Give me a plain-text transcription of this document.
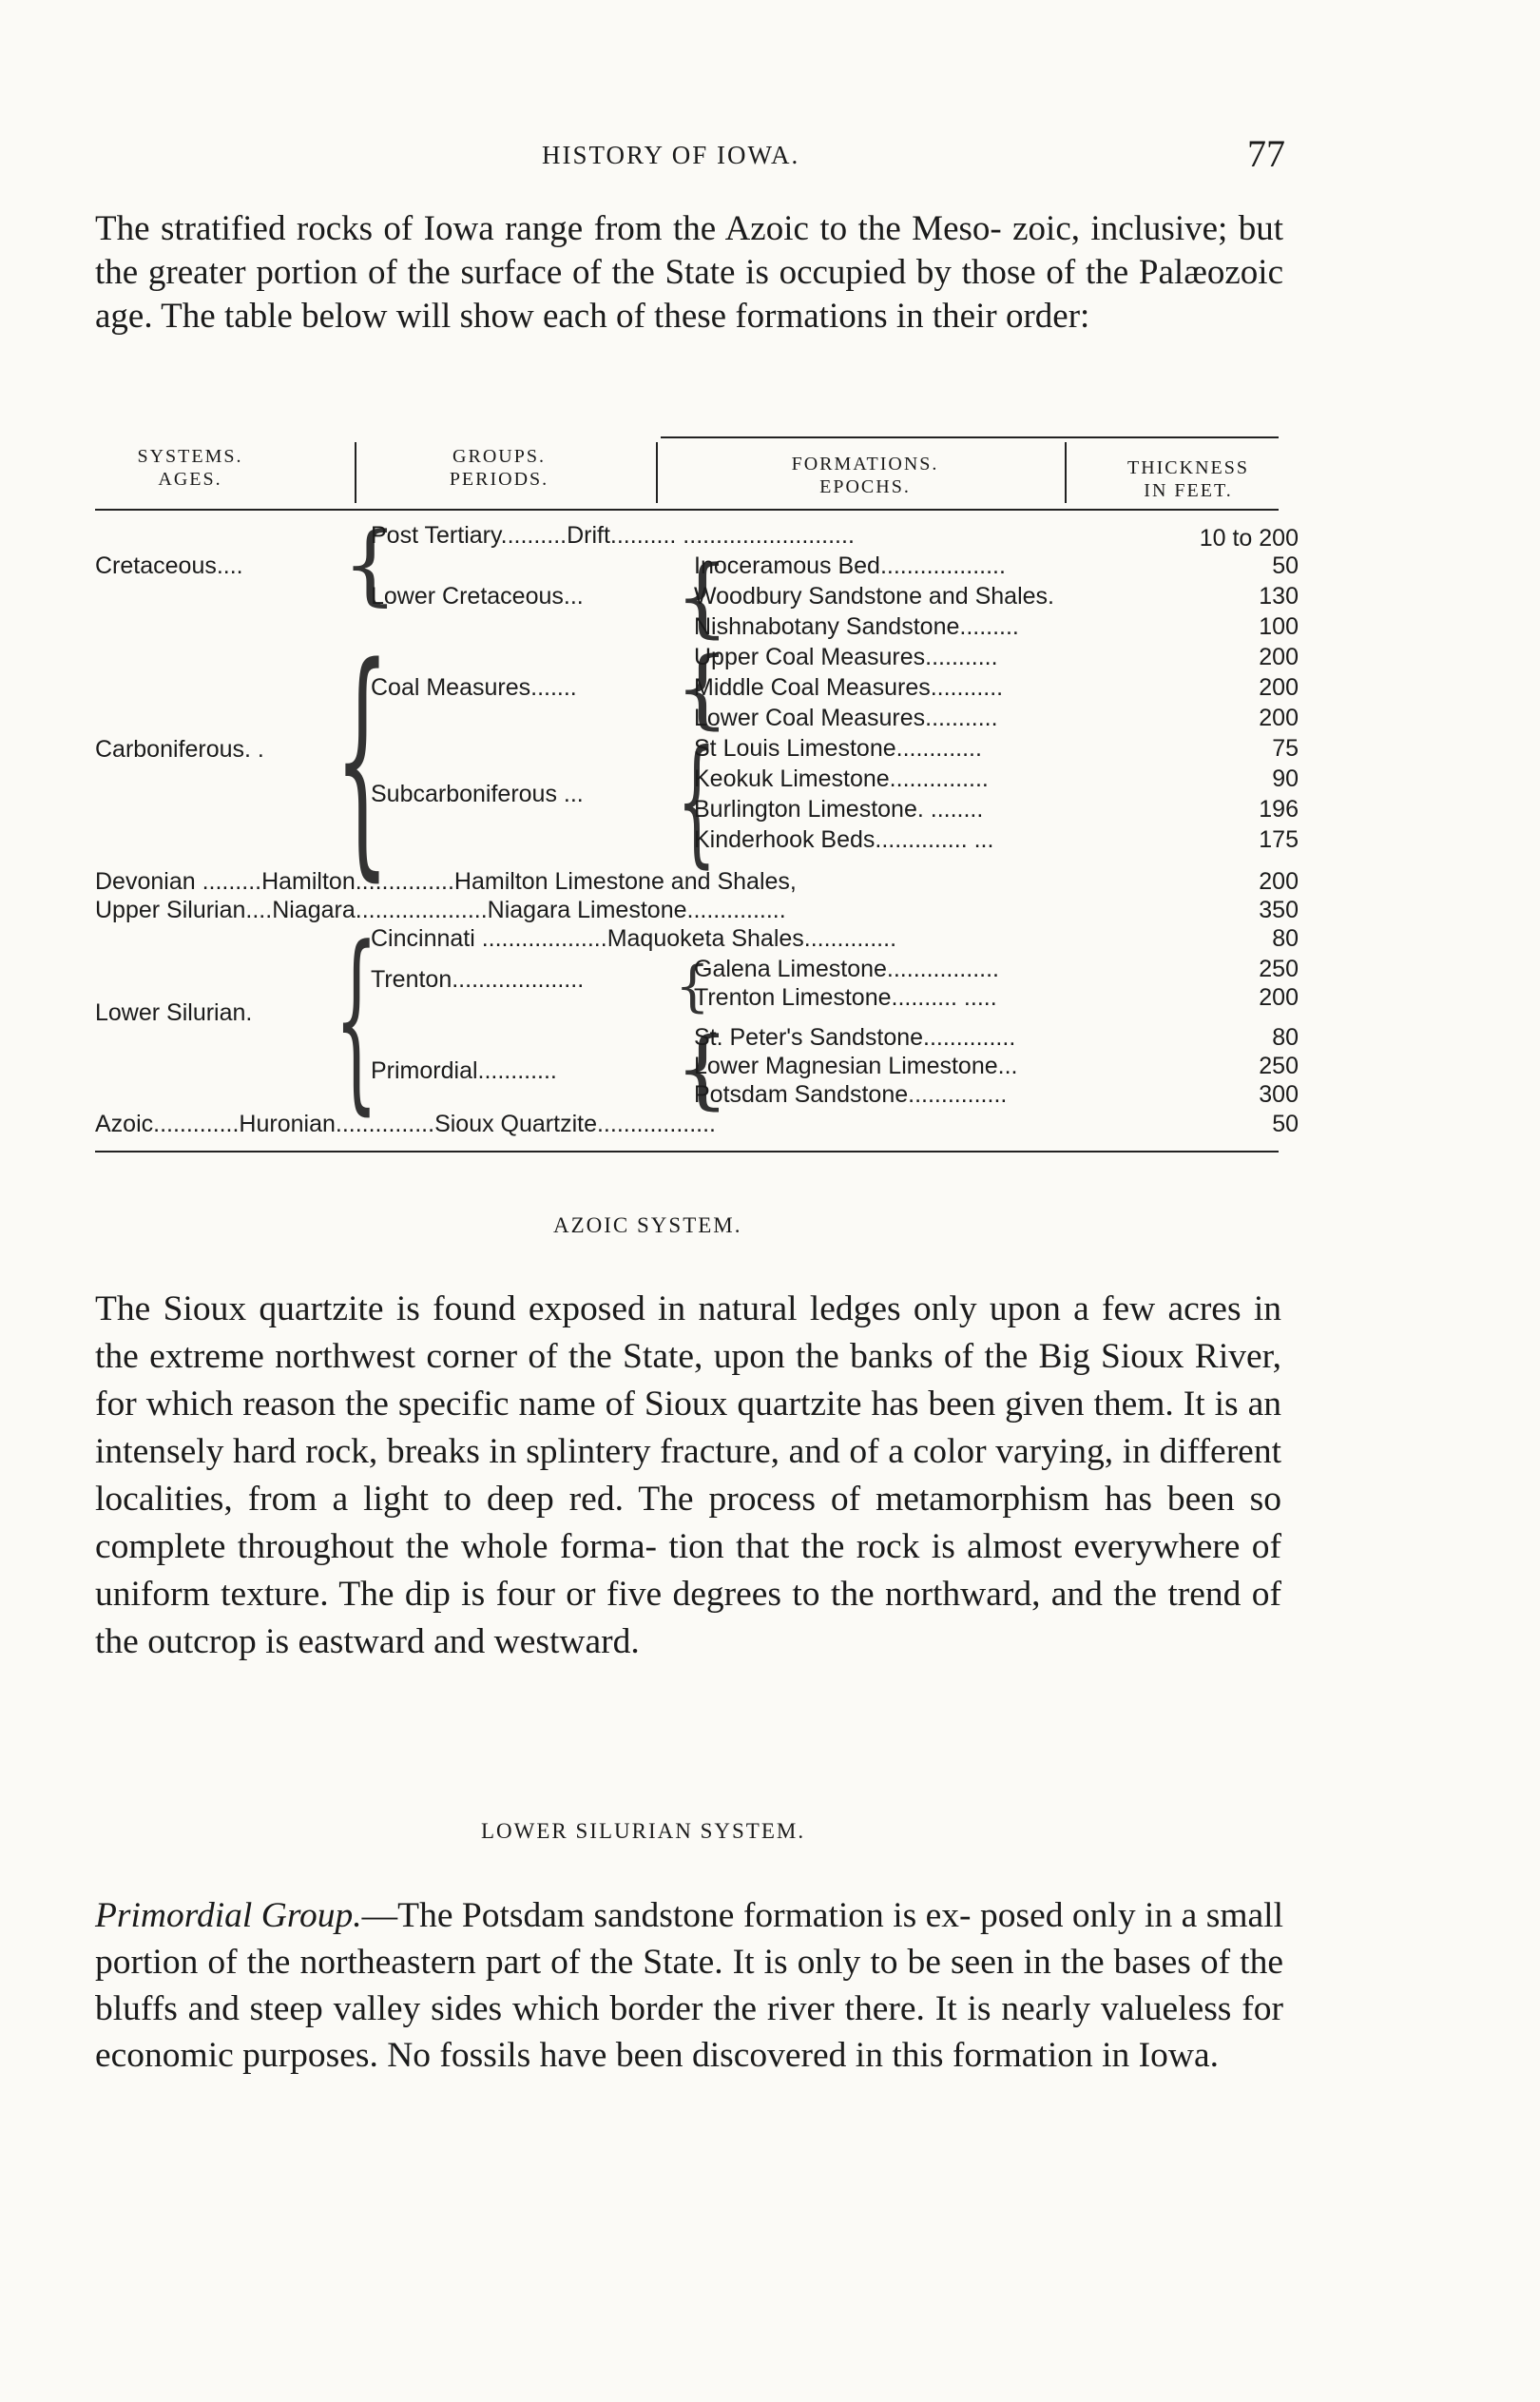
HISTORY OF IOWA.	77

The stratified rocks of Iowa range from the Azoic to the Meso- zoic, inclusive; but the greater portion of the surface of the State is occupied by those of the Palæozoic age. The table below will show each of these formations in their order:

SYSTEMS.
AGES.
GROUPS.
PERIODS.
FORMATIONS.
EPOCHS.
THICKNESS
IN FEET.
Cretaceous....
Carboniferous. .
Devonian .........Hamilton...............Hamilton Limestone and Shales,
Upper Silurian....Niagara....................Niagara Limestone...............
Lower Silurian.
Azoic.............Huronian...............Sioux Quartzite..................
{
{
{
Post Tertiary..........Drift.......... ..........................
Lower Cretaceous...
Coal Measures.......
Subcarboniferous ...
Cincinnati ...................Maquoketa Shales..............
Trenton....................
Primordial............
{
{
{
{
{
Inoceramous Bed...................
Woodbury Sandstone and Shales.
Nishnabotany Sandstone.........
Upper Coal Measures...........
Middle Coal Measures...........
Lower Coal Measures...........
St Louis Limestone.............
Keokuk Limestone...............
Burlington Limestone. ........
Kinderhook Beds.............. ...
Galena Limestone.................
Trenton Limestone.......... .....
St. Peter's Sandstone..............
Lower Magnesian Limestone...
Potsdam Sandstone...............
10 to 200
50
130
100
200
200
200
75
90
196
175
200
350
80
250
200
80
250
300
50
AZOIC SYSTEM.

The Sioux quartzite is found exposed in natural ledges only upon a few acres in the extreme northwest corner of the State, upon the banks of the Big Sioux River, for which reason the specific name of Sioux quartzite has been given them. It is an intensely hard rock, breaks in splintery fracture, and of a color varying, in different localities, from a light to deep red. The process of metamorphism has been so complete throughout the whole forma- tion that the rock is almost everywhere of uniform texture. The dip is four or five degrees to the northward, and the trend of the outcrop is eastward and westward.

LOWER SILURIAN SYSTEM.

Primordial Group.—The Potsdam sandstone formation is ex- posed only in a small portion of the northeastern part of the State. It is only to be seen in the bases of the bluffs and steep valley sides which border the river there. It is nearly valueless for economic purposes. No fossils have been discovered in this formation in Iowa.
